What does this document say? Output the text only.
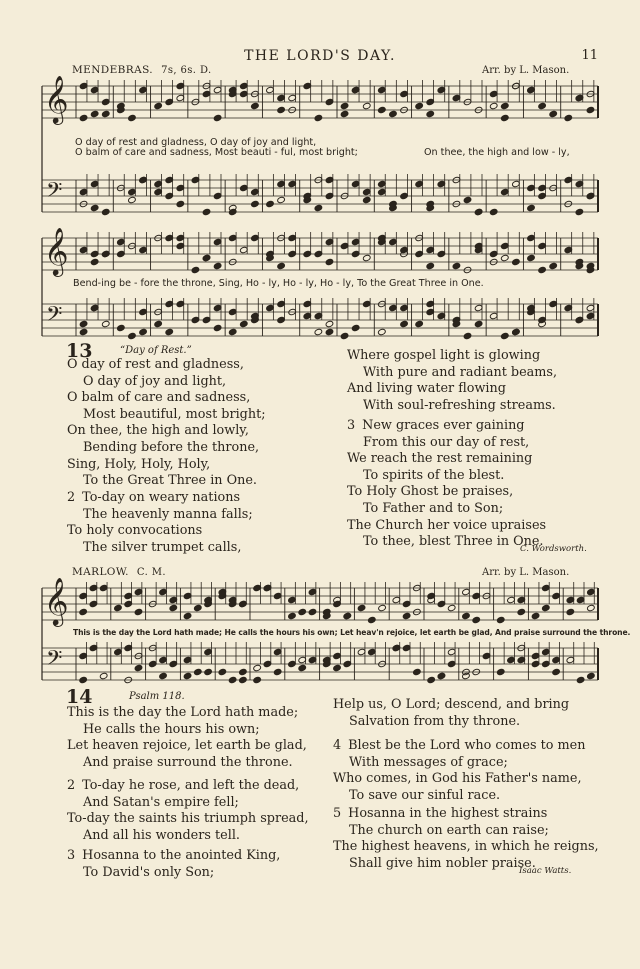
THE LORD'S DAY.	11
MENDEBRAS. 7s, 6s. D.	Arr. by L. Mason.
𝄞
𝄢
𝄞
𝄢
O day of rest and gladness, O day of joy and light,
O balm of care and sadness, Most beauti - ful, most bright;	On thee, the high and low - ly,
Bend-ing be - fore the throne, Sing, Ho - ly, Ho - ly, Ho - ly, To the Great Three in One.
13	“Day of Rest.”
O day of rest and gladness,
O day of joy and light,
O balm of care and sadness,
Most beautiful, most bright;
On thee, the high and lowly,
Bending before the throne,
Sing, Holy, Holy, Holy,
To the Great Three in One.
2 To-day on weary nations
The heavenly manna falls;
To holy convocations
The silver trumpet calls,
Where gospel light is glowing
With pure and radiant beams,
And living water flowing
With soul-refreshing streams.
3 New graces ever gaining
From this our day of rest,
We reach the rest remaining
To spirits of the blest.
To Holy Ghost be praises,
To Father and to Son;
The Church her voice upraises
To thee, blest Three in One.
C. Wordsworth.
MARLOW. C. M.	Arr. by L. Mason.
𝄞
𝄢
This is the day the Lord hath made; He calls the hours his own; Let heav'n rejoice, let earth be glad, And praise surround the throne.
14	Psalm 118.
This is the day the Lord hath made;
He calls the hours his own;
Let heaven rejoice, let earth be glad,
And praise surround the throne.
2 To-day he rose, and left the dead,
And Satan's empire fell;
To-day the saints his triumph spread,
And all his wonders tell.
3 Hosanna to the anointed King,
To David's only Son;
Help us, O Lord; descend, and bring
Salvation from thy throne.
4 Blest be the Lord who comes to men
With messages of grace;
Who comes, in God his Father's name,
To save our sinful race.
5 Hosanna in the highest strains
The church on earth can raise;
The highest heavens, in which he reigns,
Shall give him nobler praise.
Isaac Watts.
